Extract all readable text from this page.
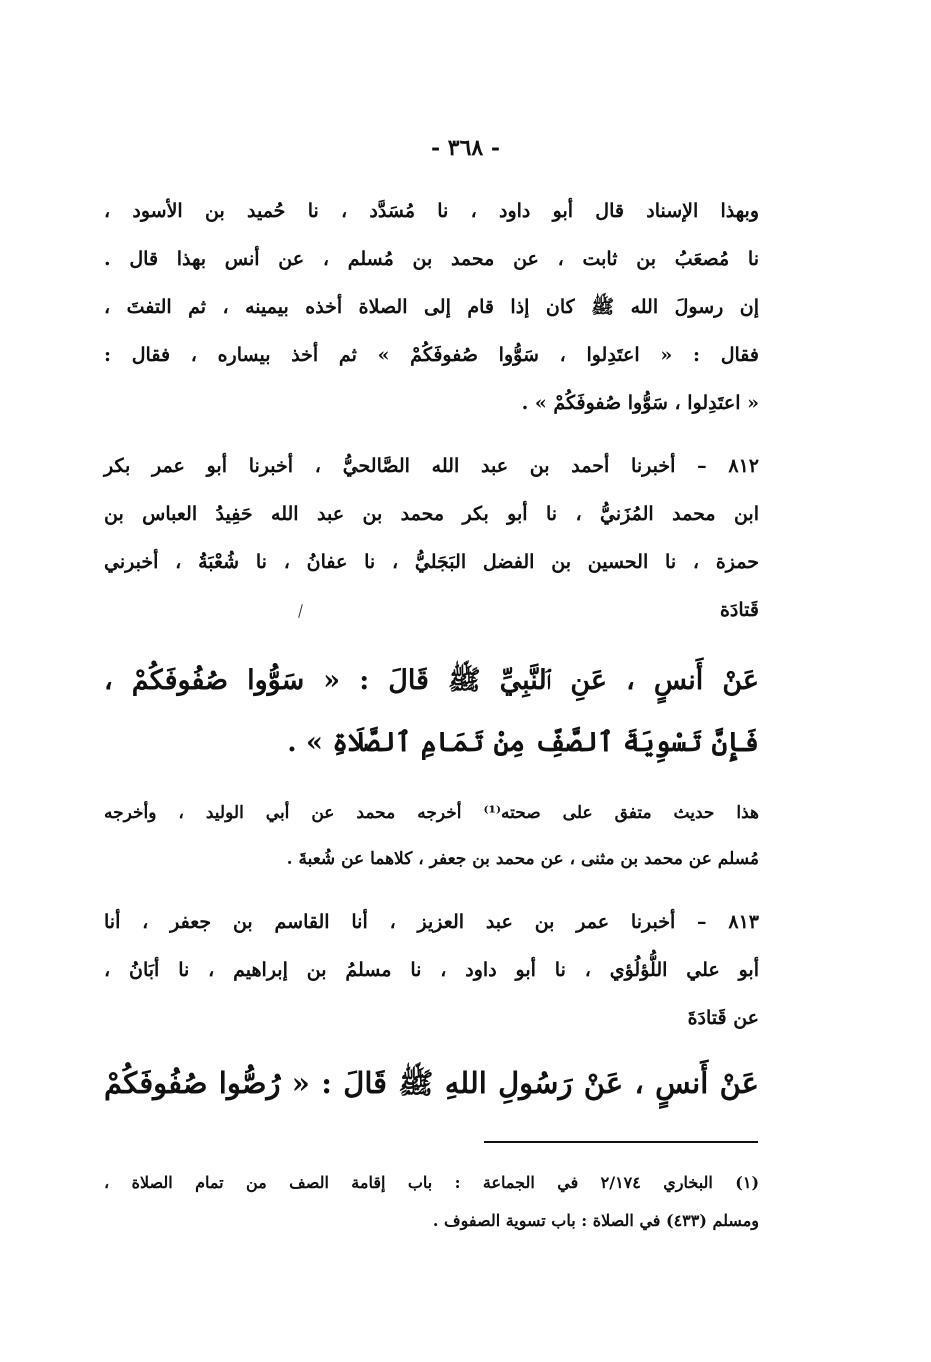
- ٣٦٨ -
وبهذا الإسناد قال أبو داود ، نا مُسَدَّد ، نا حُميد بن الأسود ،
نا مُصعَبُ بن ثابت ، عن محمد بن مُسلم ، عن أنس بهذا قال .
إن رسولَ الله ﷺ كان إذا قام إلى الصلاة أخذه بيمينه ، ثم التفتَ ،
فقال : « اعتَدِلوا ، سَوُّوا صُفوفَكُمْ » ثم أخذ بيساره ، فقال :
« اعتَدِلوا ، سَوُّوا صُفوفَكُمْ » .
٨١٢ – أخبرنا أحمد بن عبد الله الصَّالحيُّ ، أخبرنا أبو عمر بكر
ابن محمد المُزَنيُّ ، نا أبو بكر محمد بن عبد الله حَفِيدُ العباس بن
حمزة ، نا الحسين بن الفضل البَجَليُّ ، نا عفانُ ، نا شُعْبَةُ ، أخبرني
قَتادَة
عَنْ أَنسٍ ، عَنِ ٱلنَّبِيِّ ﷺ قَالَ : « سَوُّوا صُفُوفَكُمْ ،
فَإِنَّ تَسْوِيَةَ ٱلصَّفِّ مِنْ تَمَامِ ٱلصَّلَاةِ » .
هذا حديث متفق على صحته⁽¹⁾ أخرجه محمد عن أبي الوليد ، وأخرجه
مُسلم عن محمد بن مثنى ، عن محمد بن جعفر ، كلاهما عن شُعبةَ .
٨١٣ – أخبرنا عمر بن عبد العزيز ، أنا القاسم بن جعفر ، أنا
أبو علي اللُّؤلُؤي ، نا أبو داود ، نا مسلمُ بن إبراهيم ، نا أبَانُ ،
عن قَتادَةَ
عَنْ أَنسٍ ، عَنْ رَسُولِ اللهِ ﷺ قَالَ : « رُصُّوا صُفُوفَكُمْ
(١) البخاري ٢/١٧٤ في الجماعة : باب إقامة الصف من تمام الصلاة ،
ومسلم (٤٣٣) في الصلاة : باب تسوية الصفوف .
